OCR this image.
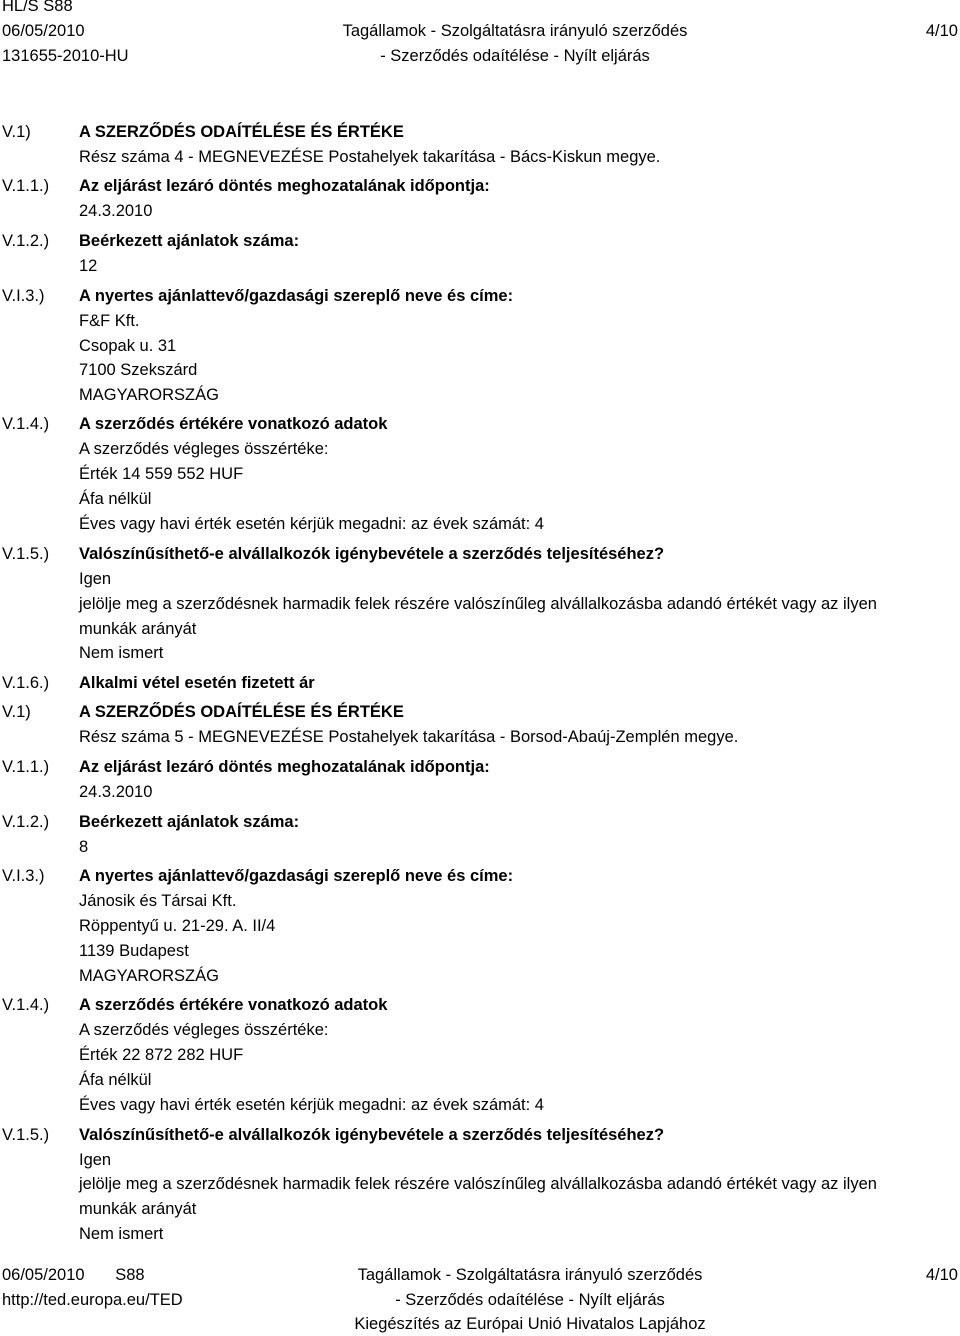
HL/S S88
06/05/2010
131655-2010-HU
Tagállamok - Szolgáltatásra irányuló szerződés
- Szerződés odaítélése - Nyílt eljárás
4/10
V.1)	A SZERZŐDÉS ODAÍTÉLÉSE ÉS ÉRTÉKE
Rész száma 4 - MEGNEVEZÉSE Postahelyek takarítása - Bács-Kiskun megye.
V.1.1.) Az eljárást lezáró döntés meghozatalának időpontja:
24.3.2010
V.1.2.) Beérkezett ajánlatok száma:
12
V.I.3.) A nyertes ajánlattevő/gazdasági szereplő neve és címe:
F&F Kft.
Csopak u. 31
7100 Szekszárd
MAGYARORSZÁG
V.1.4.) A szerződés értékére vonatkozó adatok
A szerződés végleges összértéke:
Érték 14 559 552 HUF
Áfa nélkül
Éves vagy havi érték esetén kérjük megadni: az évek számát: 4
V.1.5.) Valószínűsíthető-e alvállalkozók igénybevétele a szerződés teljesítéséhez?
Igen
jelölje meg a szerződésnek harmadik felek részére valószínűleg alvállalkozásba adandó értékét vagy az ilyen
munkák arányát
Nem ismert
V.1.6.) Alkalmi vétel esetén fizetett ár
V.1)	A SZERZŐDÉS ODAÍTÉLÉSE ÉS ÉRTÉKE
Rész száma 5 - MEGNEVEZÉSE Postahelyek takarítása - Borsod-Abaúj-Zemplén megye.
V.1.1.) Az eljárást lezáró döntés meghozatalának időpontja:
24.3.2010
V.1.2.) Beérkezett ajánlatok száma:
8
V.I.3.) A nyertes ajánlattevő/gazdasági szereplő neve és címe:
Jánosik és Társai Kft.
Röppentyű u. 21-29. A. II/4
1139 Budapest
MAGYARORSZÁG
V.1.4.) A szerződés értékére vonatkozó adatok
A szerződés végleges összértéke:
Érték 22 872 282 HUF
Áfa nélkül
Éves vagy havi érték esetén kérjük megadni: az évek számát: 4
V.1.5.) Valószínűsíthető-e alvállalkozók igénybevétele a szerződés teljesítéséhez?
Igen
jelölje meg a szerződésnek harmadik felek részére valószínűleg alvállalkozásba adandó értékét vagy az ilyen
munkák arányát
Nem ismert
06/05/2010 S88
http://ted.europa.eu/TED
Tagállamok - Szolgáltatásra irányuló szerződés
- Szerződés odaítélése - Nyílt eljárás
Kiegészítés az Európai Unió Hivatalos Lapjához
4/10
